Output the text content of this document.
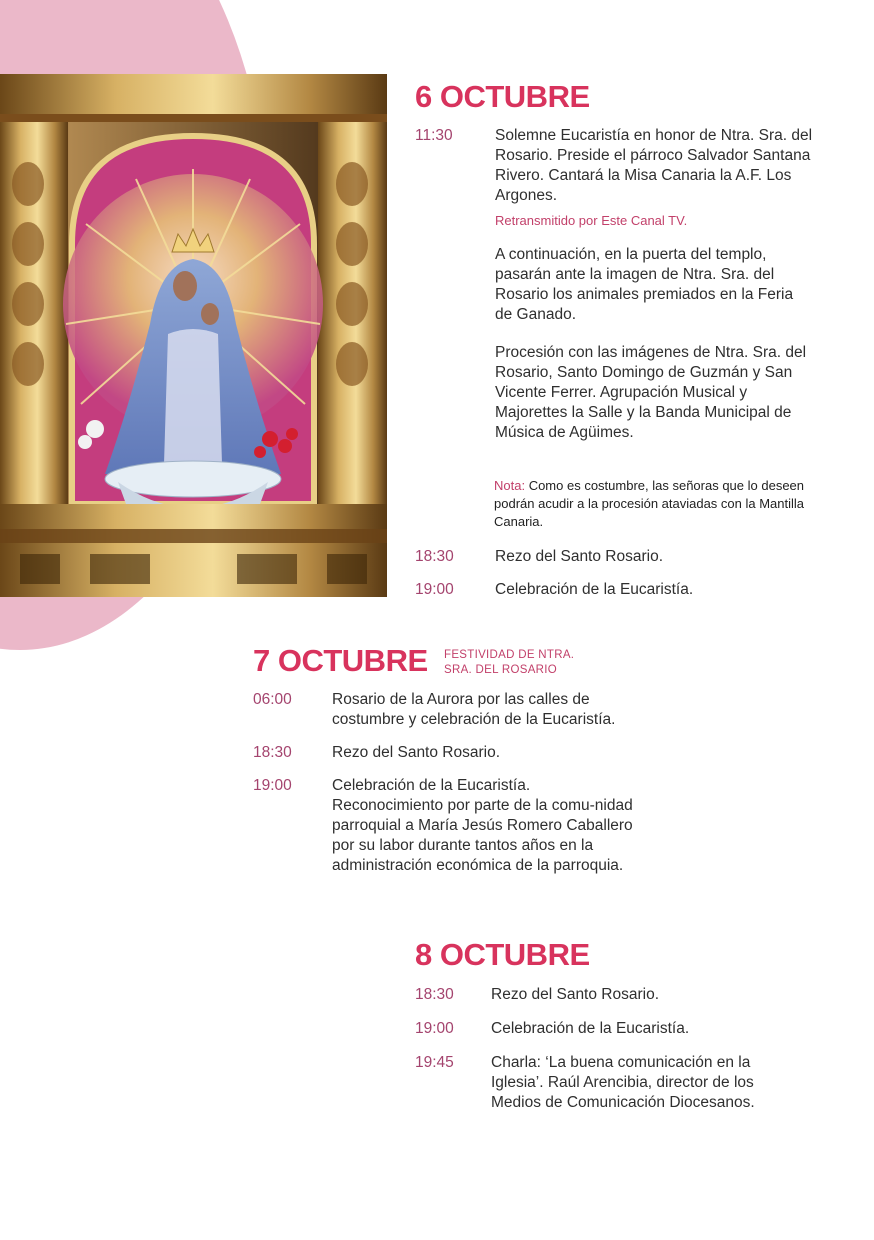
6 OCTUBRE
11:30	Solemne Eucaristía en honor de Ntra. Sra. del Rosario. Preside el párroco Salvador Santana Rivero. Cantará la Misa Canaria la A.F. Los Argones.
Retransmitido por Este Canal TV.
A continuación, en la puerta del templo, pasarán ante la imagen de Ntra. Sra. del Rosario los animales premiados en la Feria de Ganado.
Procesión con las imágenes de Ntra. Sra. del Rosario, Santo Domingo de Guzmán y San Vicente Ferrer. Agrupación Musical y Majorettes la Salle y la Banda Municipal de Música de Agüimes.
Nota: Como es costumbre, las señoras que lo deseen podrán acudir a la procesión ataviadas con la Mantilla Canaria.
18:30	Rezo del Santo Rosario.
19:00	Celebración de la Eucaristía.
7 OCTUBRE FESTIVIDAD DE NTRA.
SRA. DEL ROSARIO
06:00	Rosario de la Aurora por las calles de costumbre y celebración de la Eucaristía.
18:30	Rezo del Santo Rosario.
19:00	Celebración de la Eucaristía. Reconocimiento por parte de la comu-nidad parroquial a María Jesús Romero Caballero por su labor durante tantos años en la administración económica de la parroquia.
8 OCTUBRE
18:30 Rezo del Santo Rosario.
19:00 Celebración de la Eucaristía.
19:45 Charla: ‘La buena comunicación en la Iglesia’. Raúl Arencibia, director de los Medios de Comunicación Diocesanos.
